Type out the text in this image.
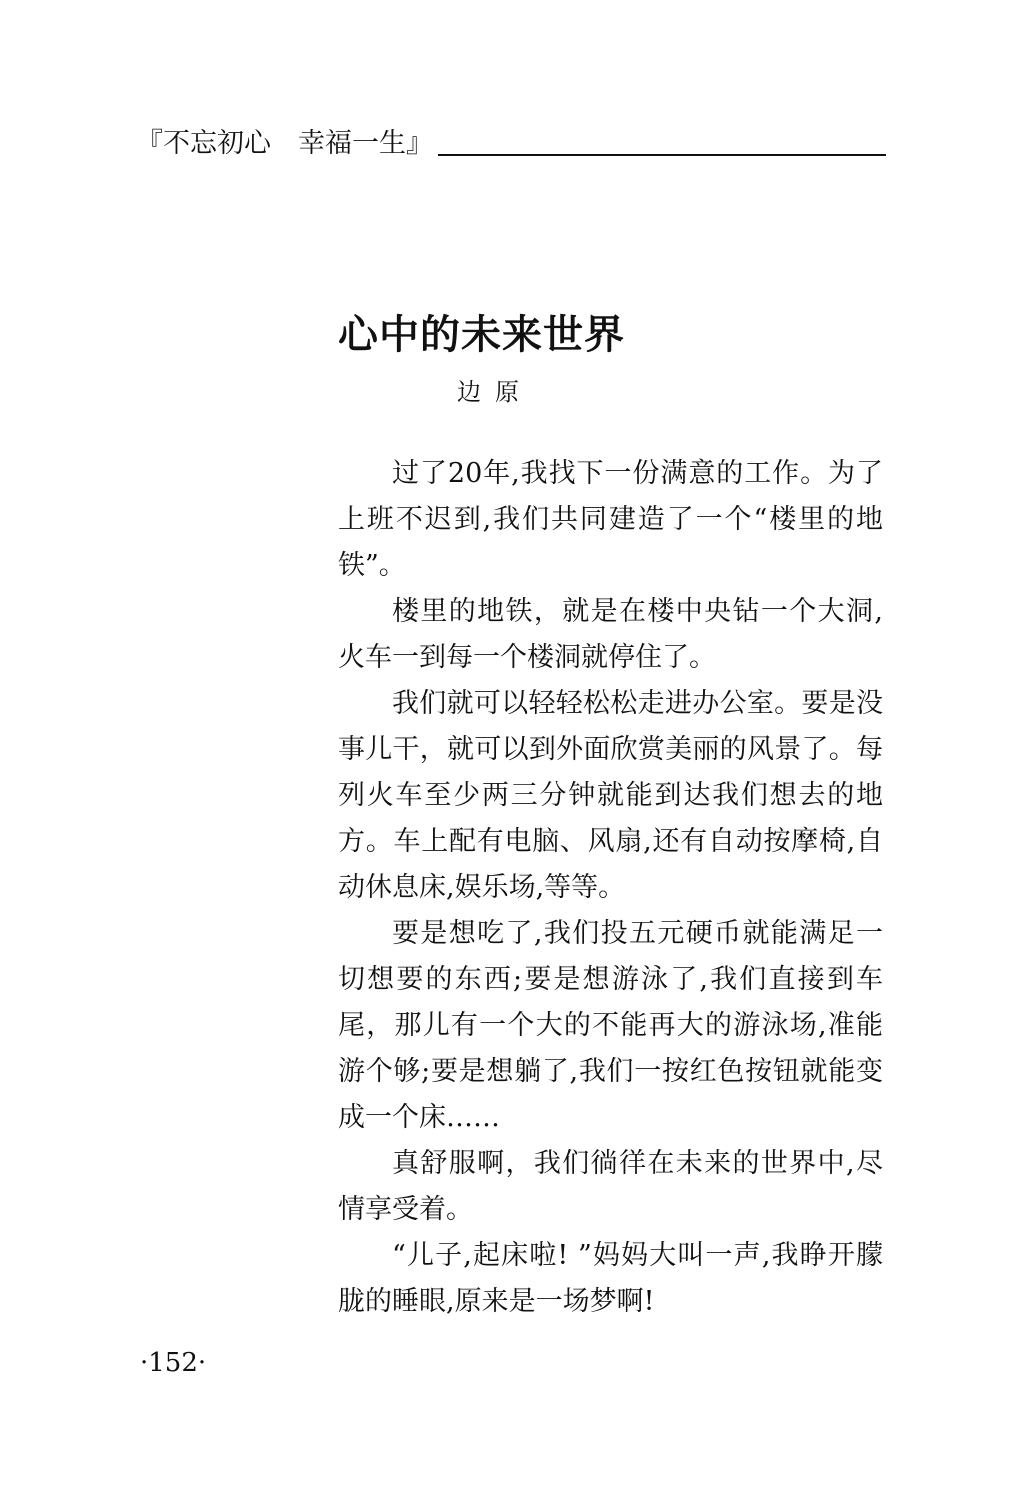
『不忘初心　幸福一生』
心中的未来世界
边原

过了20年,我找下一份满意的工作。为了上班不迟到,我们共同建造了一个“楼里的地铁”。

楼里的地铁，就是在楼中央钻一个大洞,火车一到每一个楼洞就停住了。

我们就可以轻轻松松走进办公室。要是没事儿干，就可以到外面欣赏美丽的风景了。每列火车至少两三分钟就能到达我们想去的地方。车上配有电脑、风扇,还有自动按摩椅,自动休息床,娱乐场,等等。

要是想吃了,我们投五元硬币就能满足一切想要的东西;要是想游泳了,我们直接到车尾，那儿有一个大的不能再大的游泳场,准能游个够;要是想躺了,我们一按红色按钮就能变成一个床……

真舒服啊，我们徜徉在未来的世界中,尽情享受着。

“儿子,起床啦! ”妈妈大叫一声,我睁开朦胧的睡眼,原来是一场梦啊!

·152·
